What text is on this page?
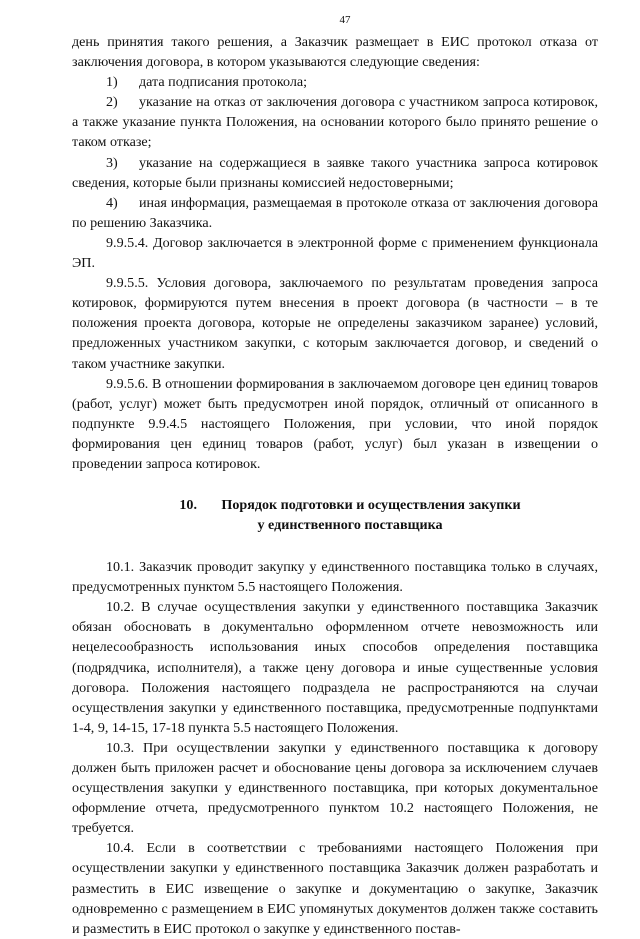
47

день принятия такого решения, а Заказчик размещает в ЕИС протокол отказа от заключения договора, в котором указываются следующие сведения:

1) дата подписания протокола;

2) указание на отказ от заключения договора с участником запроса котировок, а также указание пункта Положения, на основании которого было принято решение о таком отказе;

3) указание на содержащиеся в заявке такого участника запроса котировок сведения, которые были признаны комиссией недостоверными;

4) иная информация, размещаемая в протоколе отказа от заключения договора по решению Заказчика.

9.9.5.4. Договор заключается в электронной форме с применением функционала ЭП.

9.9.5.5. Условия договора, заключаемого по результатам проведения запроса котировок, формируются путем внесения в проект договора (в частности – в те положения проекта договора, которые не определены заказчиком заранее) условий, предложенных участником закупки, с которым заключается договор, и сведений о таком участнике закупки.

9.9.5.6. В отношении формирования в заключаемом договоре цен единиц товаров (работ, услуг) может быть предусмотрен иной порядок, отличный от описанного в подпункте 9.9.4.5 настоящего Положения, при условии, что иной порядок формирования цен единиц товаров (работ, услуг) был указан в извещении о проведении запроса котировок.

10. Порядок подготовки и осуществления закупки
у единственного поставщика

10.1. Заказчик проводит закупку у единственного поставщика только в случаях, предусмотренных пунктом 5.5 настоящего Положения.

10.2. В случае осуществления закупки у единственного поставщика Заказчик обязан обосновать в документально оформленном отчете невозможность или нецелесообразность использования иных способов определения поставщика (подрядчика, исполнителя), а также цену договора и иные существенные условия договора. Положения настоящего подраздела не распространяются на случаи осуществления закупки у единственного поставщика, предусмотренные подпунктами 1-4, 9, 14-15, 17-18 пункта 5.5 настоящего Положения.

10.3. При осуществлении закупки у единственного поставщика к договору должен быть приложен расчет и обоснование цены договора за исключением случаев осуществления закупки у единственного поставщика, при которых документальное оформление отчета, предусмотренного пунктом 10.2 настоящего Положения, не требуется.

10.4. Если в соответствии с требованиями настоящего Положения при осуществлении закупки у единственного поставщика Заказчик должен разработать и разместить в ЕИС извещение о закупке и документацию о закупке, Заказчик одновременно с размещением в ЕИС упомянутых документов должен также составить и разместить в ЕИС протокол о закупке у единственного постав-
